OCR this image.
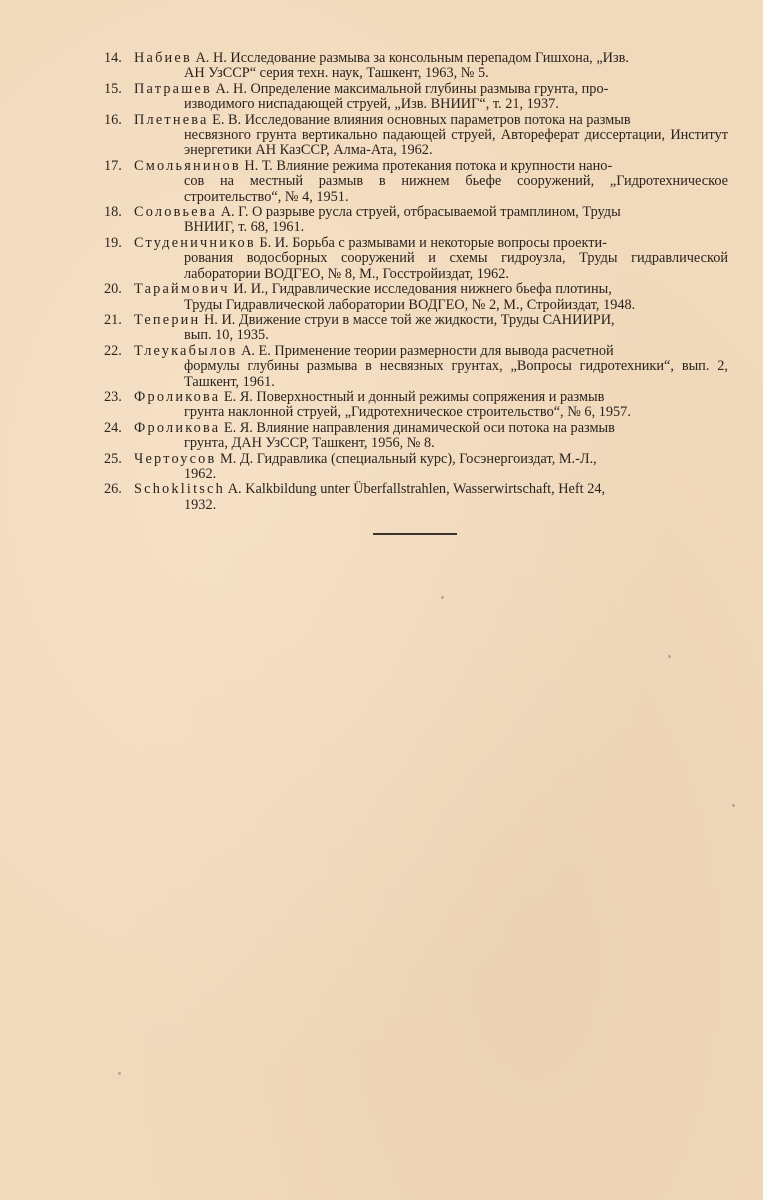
14. Набиев А. Н. Исследование размыва за консольным перепадом Гишхона, „Изв.
АН УзССР“ серия техн. наук, Ташкент, 1963, № 5.
15. Патрашев А. Н. Определение максимальной глубины размыва грунта, про-
изводимого ниспадающей струей, „Изв. ВНИИГ“, т. 21, 1937.
16. Плетнева Е. В. Исследование влияния основных параметров потока на размыв
несвязного грунта вертикально падающей струей, Автореферат диссертации, Институт энергетики АН КазССР, Алма-Ата, 1962.
17. Смольянинов Н. Т. Влияние режима протекания потока и крупности нано-
сов на местный размыв в нижнем бьефе сооружений, „Гидротехническое строительство“, № 4, 1951.
18. Соловьева А. Г. О разрыве русла струей, отбрасываемой трамплином, Труды
ВНИИГ, т. 68, 1961.
19. Студеничников Б. И. Борьба с размывами и некоторые вопросы проекти-
рования водосборных сооружений и схемы гидроузла, Труды гидравлической лаборатории ВОДГЕО, № 8, М., Госстройиздат, 1962.
20. Тараймович И. И., Гидравлические исследования нижнего бьефа плотины,
Труды Гидравлической лаборатории ВОДГЕО, № 2, М., Стройиздат, 1948.
21. Теперин Н. И. Движение струи в массе той же жидкости, Труды САНИИРИ,
вып. 10, 1935.
22. Тлеукабылов А. Е. Применение теории размерности для вывода расчетной
формулы глубины размыва в несвязных грунтах, „Вопросы гидротехники“, вып. 2, Ташкент, 1961.
23. Фроликова Е. Я. Поверхностный и донный режимы сопряжения и размыв
грунта наклонной струей, „Гидротехническое строительство“, № 6, 1957.
24. Фроликова Е. Я. Влияние направления динамической оси потока на размыв
грунта, ДАН УзССР, Ташкент, 1956, № 8.
25. Чертоусов М. Д. Гидравлика (специальный курс), Госэнергоиздат, М.-Л.,
1962.
26. Schoklitsch A. Kalkbildung unter Überfallstrahlen, Wasserwirtschaft, Heft 24,
1932.
